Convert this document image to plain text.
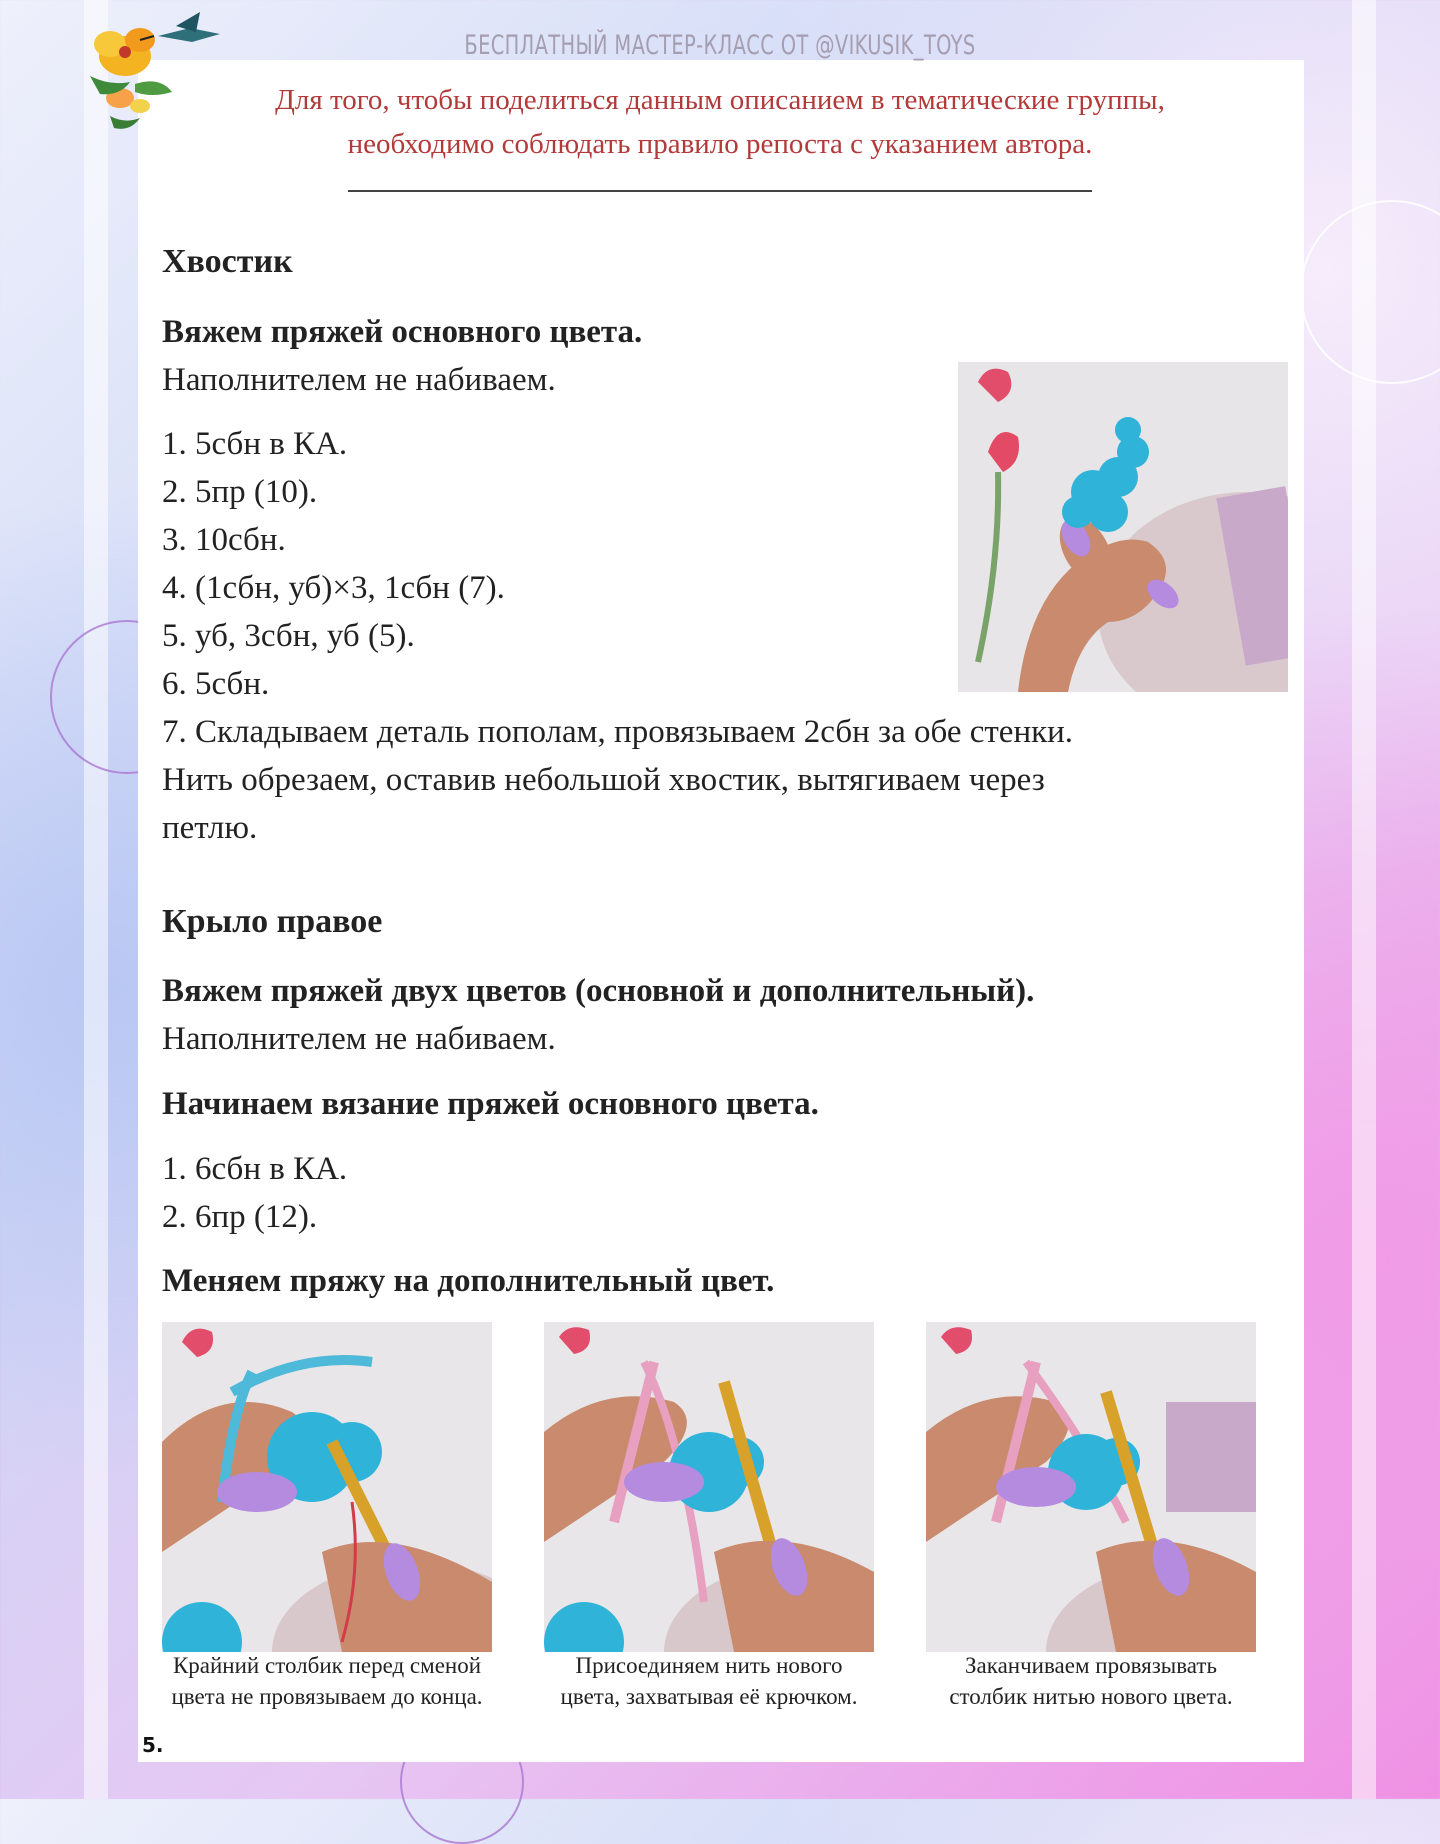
БЕСПЛАТНЫЙ МАСТЕР-КЛАСС ОТ @VIKUSIK_TOYS
Для того, чтобы поделиться данным описанием в тематические группы,
необходимо соблюдать правило репоста с указанием автора.
Хвостик
Вяжем пряжей основного цвета.
Наполнителем не набиваем.
1. 5сбн в КА.
2. 5пр (10).
3. 10сбн.
4. (1сбн, уб)×3, 1сбн (7).
5. уб, 3сбн, уб (5).
6. 5сбн.
7. Складываем деталь пополам, провязываем 2сбн за обе стенки.
Нить обрезаем, оставив небольшой хвостик, вытягиваем через
петлю.
Крыло правое
Вяжем пряжей двух цветов (основной и дополнительный).
Наполнителем не набиваем.
Начинаем вязание пряжей основного цвета.
1. 6сбн в КА.
2. 6пр (12).
Меняем пряжу на дополнительный цвет.
Крайний столбик перед сменой
цвета не провязываем до конца.
Присоединяем нить нового
цвета, захватывая её крючком.
Заканчиваем провязывать
столбик нитью нового цвета.
5.
